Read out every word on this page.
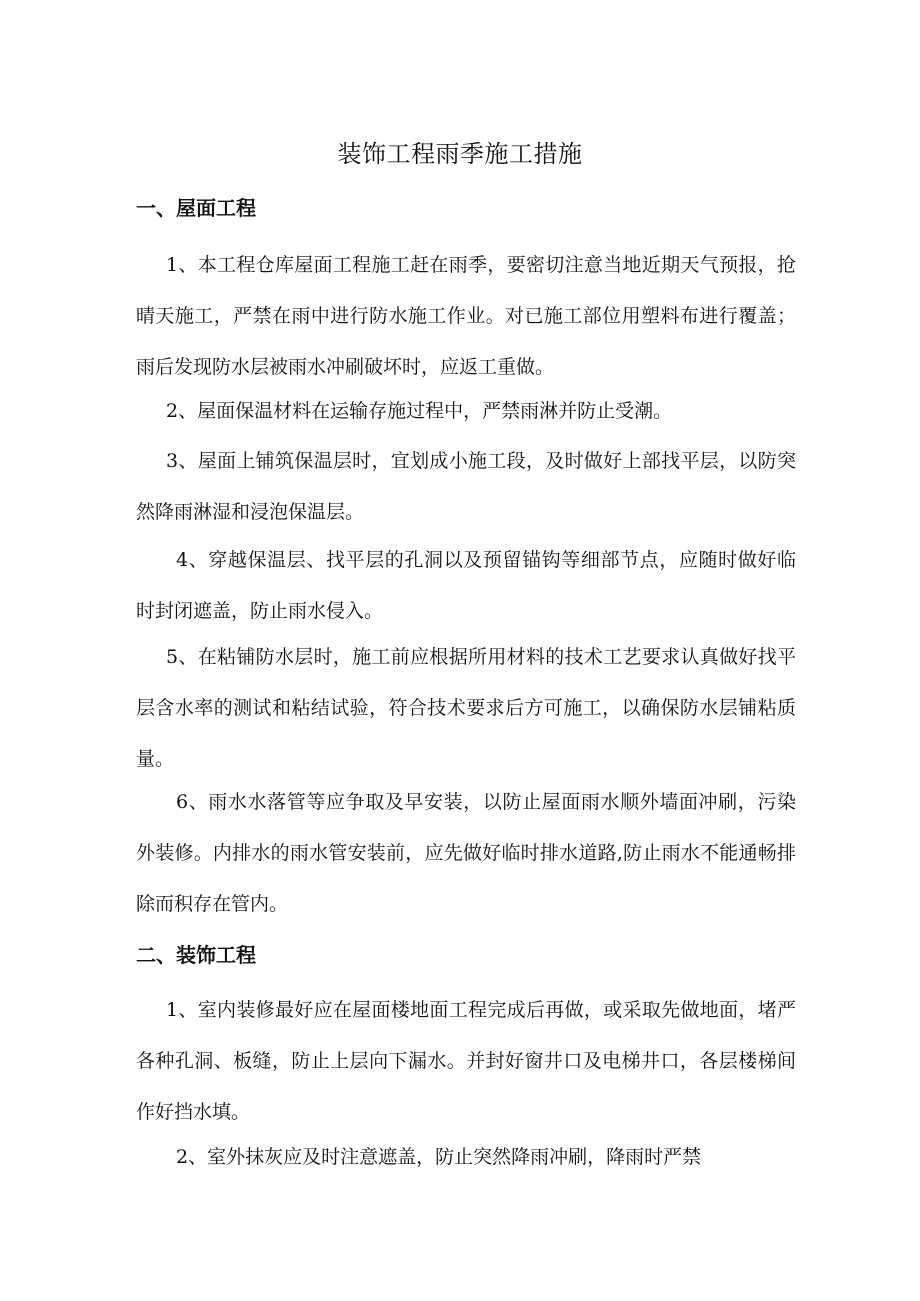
装饰工程雨季施工措施
一、屋面工程

1、本工程仓库屋面工程施工赶在雨季，要密切注意当地近期天气预报，抢晴天施工，严禁在雨中进行防水施工作业。对已施工部位用塑料布进行覆盖；雨后发现防水层被雨水冲刷破坏时，应返工重做。

2、屋面保温材料在运输存施过程中，严禁雨淋并防止受潮。

3、屋面上铺筑保温层时，宜划成小施工段，及时做好上部找平层，以防突然降雨淋湿和浸泡保温层。

4、穿越保温层、找平层的孔洞以及预留锚钩等细部节点，应随时做好临时封闭遮盖，防止雨水侵入。

5、在粘铺防水层时，施工前应根据所用材料的技术工艺要求认真做好找平层含水率的测试和粘结试验，符合技术要求后方可施工，以确保防水层铺粘质量。

6、雨水水落管等应争取及早安装，以防止屋面雨水顺外墙面冲刷，污染外装修。内排水的雨水管安装前，应先做好临时排水道路,防止雨水不能通畅排除而积存在管内。

二、装饰工程

1、室内装修最好应在屋面楼地面工程完成后再做，或采取先做地面，堵严各种孔洞、板缝，防止上层向下漏水。并封好窗井口及电梯井口，各层楼梯间作好挡水填。

2、室外抹灰应及时注意遮盖，防止突然降雨冲刷，降雨时严禁
